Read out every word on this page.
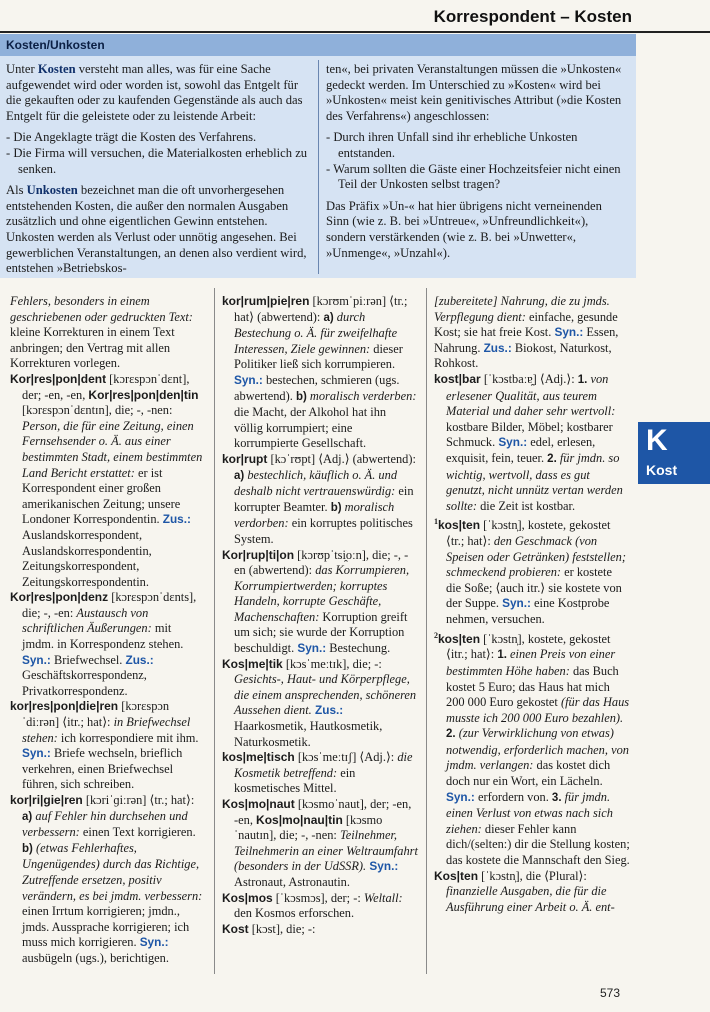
Korrespondent – Kosten
Kosten/Unkosten

Unter Kosten versteht man alles, was für eine Sache aufgewendet wird oder worden ist, sowohl das Entgelt für die gekauften oder zu kaufenden Gegenstände als auch das Entgelt für die geleistete oder zu leistende Arbeit:

- Die Angeklagte trägt die Kosten des Verfahrens.
- Die Firma will versuchen, die Materialkosten erheblich zu senken.

Als Unkosten bezeichnet man die oft unvorhergesehen entstehenden Kosten, die außer den normalen Ausgaben zusätzlich und ohne eigentlichen Gewinn entstehen. Unkosten werden als Verlust oder unnötig angesehen. Bei gewerblichen Veranstaltungen, an denen also verdient wird, entstehen »Betriebskos-

ten«, bei privaten Veranstaltungen müssen die »Unkosten« gedeckt werden. Im Unterschied zu »Kosten« wird bei »Unkosten« meist kein genitivisches Attribut (»die Kosten des Verfahrens«) angeschlossen:

- Durch ihren Unfall sind ihr erhebliche Unkosten entstanden.
- Warum sollten die Gäste einer Hochzeitsfeier nicht einen Teil der Unkosten selbst tragen?

Das Präfix »Un-« hat hier übrigens nicht verneinenden Sinn (wie z. B. bei »Untreue«, »Unfreundlichkeit«), sondern verstärkenden (wie z. B. bei »Unwetter«, »Unmenge«, »Unzahl«).

K
Kost

Fehlers, besonders in einem geschriebenen oder gedruckten Text: kleine Korrekturen in einem Text anbringen; den Vertrag mit allen Korrekturen vorlegen.

Kor|res|pon|dent [kɔrɛspɔnˈdɛnt], der; -en, -en, Kor|res|pon|den|tin [kɔrɛspɔnˈdɛntɪn], die; -, -nen: Person, die für eine Zeitung, einen Fernsehsender o. Ä. aus einer bestimmten Stadt, einem bestimmten Land Bericht erstattet: er ist Korrespondent einer großen amerikanischen Zeitung; unsere Londoner Korrespondentin. Zus.: Auslandskorrespondent, Auslandskorrespondentin, Zeitungskorrespondent, Zeitungskorrespondentin.

Kor|res|pon|denz [kɔrɛspɔnˈdɛnts], die; -, -en: Austausch von schriftlichen Äußerungen: mit jmdm. in Korrespondenz stehen. Syn.: Briefwechsel. Zus.: Geschäftskorrespondenz, Privatkorrespondenz.

kor|res|pon|die|ren [kɔrɛspɔnˈdiːrən] ⟨itr.; hat⟩: in Briefwechsel stehen: ich korrespondiere mit ihm. Syn.: Briefe wechseln, brieflich verkehren, einen Briefwechsel führen, sich schreiben.

kor|ri|gie|ren [kɔriˈɡiːrən] ⟨tr.; hat⟩: a) auf Fehler hin durchsehen und verbessern: einen Text korrigieren. b) (etwas Fehlerhaftes, Ungenügendes) durch das Richtige, Zutreffende ersetzen, positiv verändern, es bei jmdm. verbessern: einen Irrtum korrigieren; jmdn., jmds. Aussprache korrigieren; ich muss mich korrigieren. Syn.: ausbügeln (ugs.), berichtigen.

kor|rum|pie|ren [kɔrʊmˈpiːrən] ⟨tr.; hat⟩ (abwertend): a) durch Bestechung o. Ä. für zweifelhafte Interessen, Ziele gewinnen: dieser Politiker ließ sich korrumpieren. Syn.: bestechen, schmieren (ugs. abwertend). b) moralisch verderben: die Macht, der Alkohol hat ihn völlig korrumpiert; eine korrumpierte Gesellschaft.

kor|rupt [kɔˈrʊpt] ⟨Adj.⟩ (abwertend): a) bestechlich, käuflich o. Ä. und deshalb nicht vertrauenswürdig: ein korrupter Beamter. b) moralisch verdorben: ein korruptes politisches System.

Kor|rup|ti|on [kɔrʊpˈtsi̯oːn], die; -, -en (abwertend): das Korrumpieren, Korrumpiertwerden; korruptes Handeln, korrupte Geschäfte, Machenschaften: Korruption greift um sich; sie wurde der Korruption beschuldigt. Syn.: Bestechung.

Kos|me|tik [kɔsˈmeːtɪk], die; -: Gesichts-, Haut- und Körperpflege, die einem ansprechenden, schöneren Aussehen dient. Zus.: Haarkosmetik, Hautkosmetik, Naturkosmetik.

kos|me|tisch [kɔsˈmeːtɪʃ] ⟨Adj.⟩: die Kosmetik betreffend: ein kosmetisches Mittel.

Kos|mo|naut [kɔsmoˈnaut], der; -en, -en, Kos|mo|nau|tin [kɔsmoˈnautɪn], die; -, -nen: Teilnehmer, Teilnehmerin an einer Weltraumfahrt (besonders in der UdSSR). Syn.: Astronaut, Astronautin.

Kos|mos [ˈkɔsmɔs], der; -: Weltall: den Kosmos erforschen.

Kost [kɔst], die; -:

[zubereitete] Nahrung, die zu jmds. Verpflegung dient: einfache, gesunde Kost; sie hat freie Kost. Syn.: Essen, Nahrung. Zus.: Biokost, Naturkost, Rohkost.

kost|bar [ˈkɔstbaːɐ̯] ⟨Adj.⟩: 1. von erlesener Qualität, aus teurem Material und daher sehr wertvoll: kostbare Bilder, Möbel; kostbarer Schmuck. Syn.: edel, erlesen, exquisit, fein, teuer. 2. für jmdn. so wichtig, wertvoll, dass es gut genutzt, nicht unnütz vertan werden sollte: die Zeit ist kostbar.

$^1$kos|ten [ˈkɔstn̩], kostete, gekostet ⟨tr.; hat⟩: den Geschmack (von Speisen oder Getränken) feststellen; schmeckend probieren: er kostete die Soße; ⟨auch itr.⟩ sie kostete von der Suppe. Syn.: eine Kostprobe nehmen, versuchen.

$^2$kos|ten [ˈkɔstn̩], kostete, gekostet ⟨itr.; hat⟩: 1. einen Preis von einer bestimmten Höhe haben: das Buch kostet 5 Euro; das Haus hat mich 200 000 Euro gekostet (für das Haus musste ich 200 000 Euro bezahlen). 2. (zur Verwirklichung von etwas) notwendig, erforderlich machen, von jmdm. verlangen: das kostet dich doch nur ein Wort, ein Lächeln. Syn.: erfordern von. 3. für jmdn. einen Verlust von etwas nach sich ziehen: dieser Fehler kann dich/(selten:) dir die Stellung kosten; das kostete die Mannschaft den Sieg.

Kos|ten [ˈkɔstn̩], die ⟨Plural⟩: finanzielle Ausgaben, die für die Ausführung einer Arbeit o. Ä. ent-

573
